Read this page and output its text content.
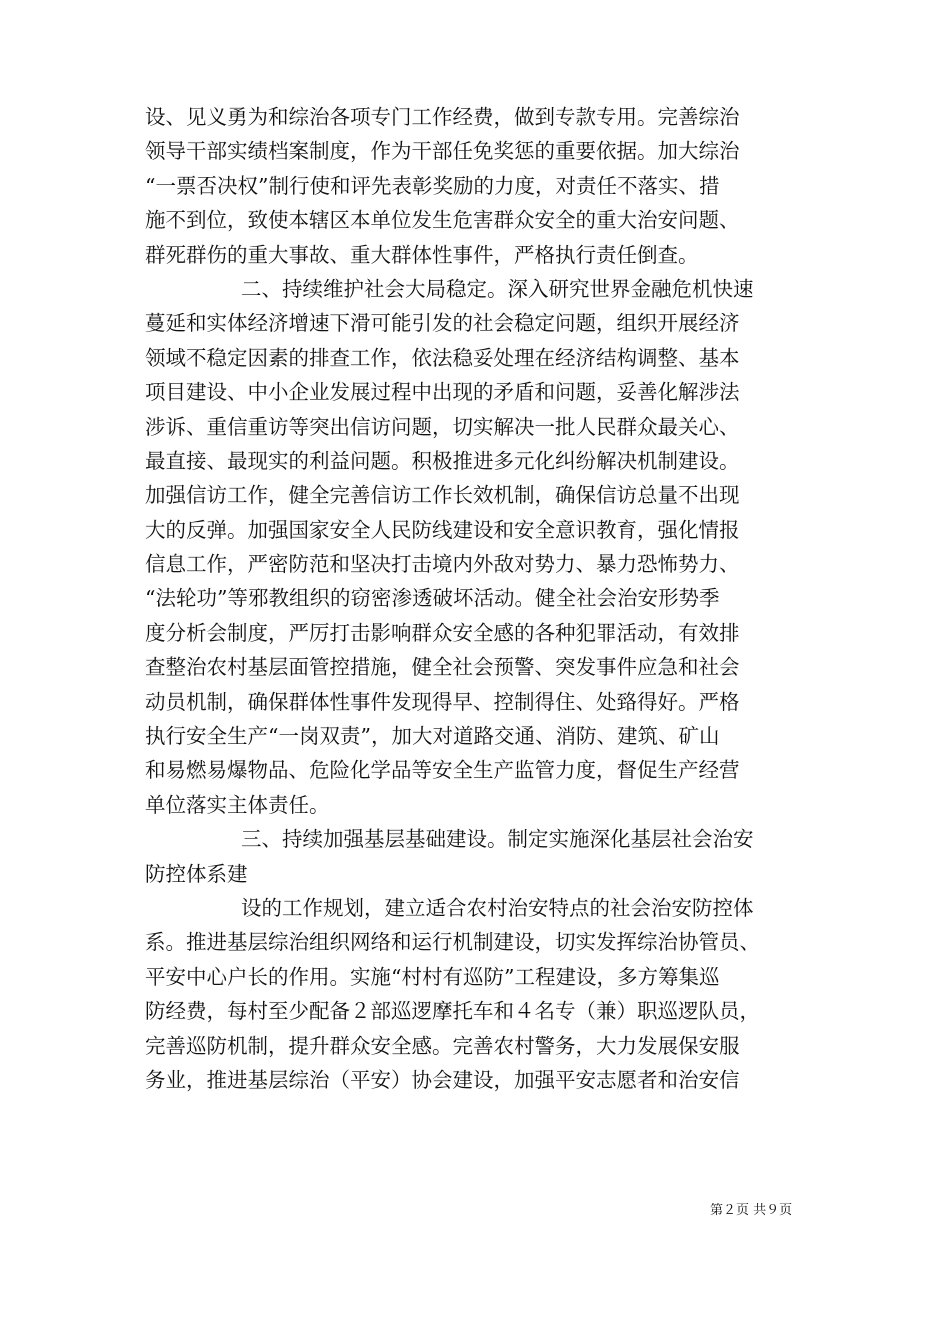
设、见义勇为和综治各项专门工作经费，做到专款专用。完善综治
领导干部实绩档案制度，作为干部任免奖惩的重要依据。加大综治
“一票否决权”制行使和评先表彰奖励的力度，对责任不落实、措
施不到位，致使本辖区本单位发生危害群众安全的重大治安问题、
群死群伤的重大事故、重大群体性事件，严格执行责任倒查。
二、持续维护社会大局稳定。深入研究世界金融危机快速
蔓延和实体经济增速下滑可能引发的社会稳定问题，组织开展经济
领域不稳定因素的排查工作，依法稳妥处理在经济结构调整、基本
项目建设、中小企业发展过程中出现的矛盾和问题，妥善化解涉法
涉诉、重信重访等突出信访问题，切实解决一批人民群众最关心、
最直接、最现实的利益问题。积极推进多元化纠纷解决机制建设。
加强信访工作，健全完善信访工作长效机制，确保信访总量不出现
大的反弹。加强国家安全人民防线建设和安全意识教育，强化情报
信息工作，严密防范和坚决打击境内外敌对势力、暴力恐怖势力、
“法轮功”等邪教组织的窃密渗透破坏活动。健全社会治安形势季
度分析会制度，严厉打击影响群众安全感的各种犯罪活动，有效排
查整治农村基层面管控措施，健全社会预警、突发事件应急和社会
动员机制，确保群体性事件发现得早、控制得住、处臵得好。严格
执行安全生产“一岗双责”，加大对道路交通、消防、建筑、矿山
和易燃易爆物品、危险化学品等安全生产监管力度，督促生产经营
单位落实主体责任。
三、持续加强基层基础建设。制定实施深化基层社会治安
防控体系建
设的工作规划，建立适合农村治安特点的社会治安防控体
系。推进基层综治组织网络和运行机制建设，切实发挥综治协管员、
平安中心户长的作用。实施“村村有巡防”工程建设，多方筹集巡
防经费，每村至少配备２部巡逻摩托车和４名专（兼）职巡逻队员，
完善巡防机制，提升群众安全感。完善农村警务，大力发展保安服
务业，推进基层综治（平安）协会建设，加强平安志愿者和治安信
第２页 共９页
